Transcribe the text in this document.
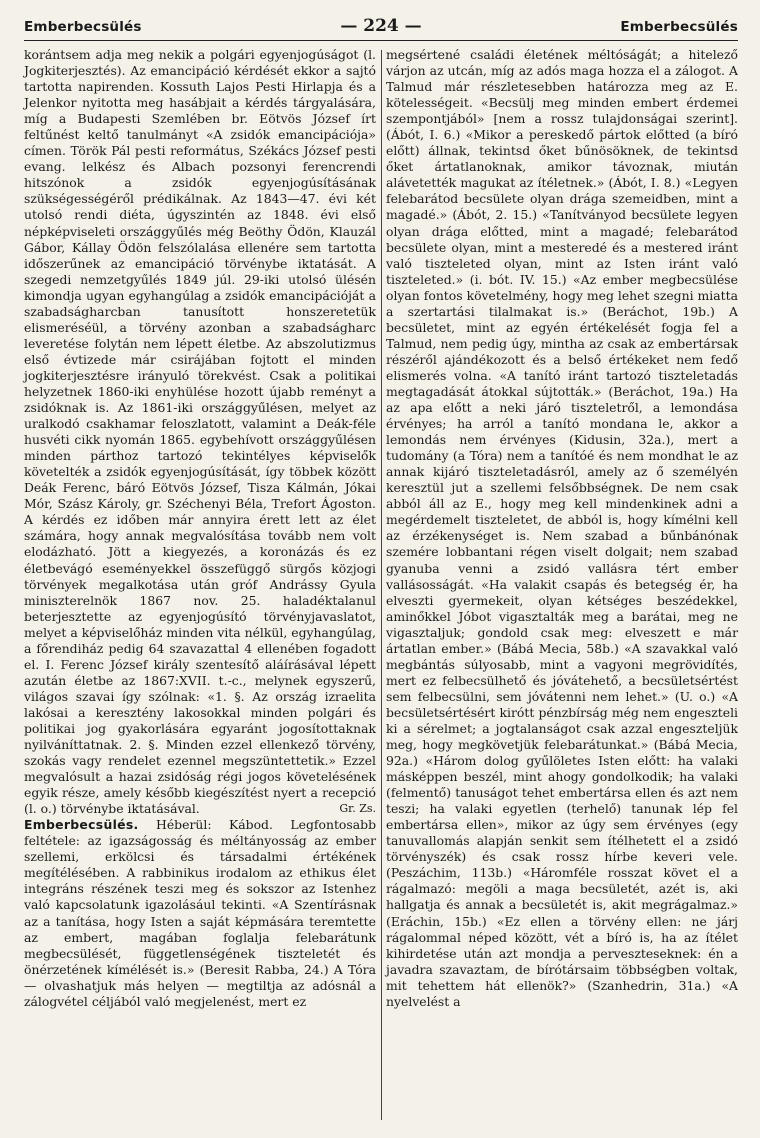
Emberbecsülés	— 224 —	Emberbecsülés

korántsem adja meg nekik a polgári egyenjogúságot (l. Jogkiterjesztés). Az emancipáció kérdését ekkor a sajtó tartotta napirenden. Kossuth Lajos Pesti Hirlapja és a Jelenkor nyitotta meg hasábjait a kérdés tárgyalására, míg a Budapesti Szemlében br. Eötvös József írt feltűnést keltő tanulmányt «A zsidók emancipációja» címen. Török Pál pesti református, Székács József pesti evang. lelkész és Albach pozsonyi ferencrendi hitszónok a zsidók egyenjogúsításának szükségességéről prédikálnak. Az 1843—47. évi két utolsó rendi diéta, úgyszintén az 1848. évi első népképviseleti országgyűlés még Beöthy Ödön, Klauzál Gábor, Kállay Ödön felszólalása ellenére sem tartotta időszerűnek az emancipáció törvénybe iktatását. A szegedi nemzetgyűlés 1849 júl. 29-iki utolsó ülésén kimondja ugyan egyhangúlag a zsidók emancipációját a szabadságharcban tanusított honszeretetük elismeréséül, a törvény azonban a szabadságharc leveretése folytán nem lépett életbe. Az abszolutizmus első évtizede már csirájában fojtott el minden jogkiterjesztésre irányuló törekvést. Csak a politikai helyzetnek 1860-iki enyhülése hozott újabb reményt a zsidóknak is. Az 1861-iki országgyűlésen, melyet az uralkodó csakhamar feloszlatott, valamint a Deák-féle husvéti cikk nyomán 1865. egybehívott országgyűlésen minden párthoz tartozó tekintélyes képviselők követelték a zsidók egyenjogúsítását, így többek között Deák Ferenc, báró Eötvös József, Tisza Kálmán, Jókai Mór, Szász Károly, gr. Széchenyi Béla, Trefort Ágoston. A kérdés ez időben már annyira érett lett az élet számára, hogy annak megvalósítása tovább nem volt elodázható. Jött a kiegyezés, a koronázás és ez életbevágó eseményekkel összefüggő sürgős közjogi törvények megalkotása után gróf Andrássy Gyula miniszterelnök 1867 nov. 25. haladéktalanul beterjesztette az egyenjogúsító törvényjavaslatot, melyet a képviselőház minden vita nélkül, egyhangúlag, a főrendiház pedig 64 szavazattal 4 ellenében fogadott el. I. Ferenc József király szentesítő aláírásával lépett azután életbe az 1867:XVII. t.-c., melynek egyszerű, világos szavai így szólnak: «1. §. Az ország izraelita lakósai a keresztény lakosokkal minden polgári és politikai jog gyakorlására egyaránt jogosítottaknak nyilváníttatnak. 2. §. Minden ezzel ellenkező törvény, szokás vagy rendelet ezennel megszüntettetik.» Ezzel megvalósult a hazai zsidóság régi jogos követelésének egyik része, amely később kiegészítést nyert a recepció (l. o.) törvénybe iktatásával.	Gr. Zs.

Emberbecsülés. Héberül: Kábod. Legfontosabb feltétele: az igazságosság és méltányosság az ember szellemi, erkölcsi és társadalmi értékének megítélésében. A rabbinikus irodalom az ethikus élet integráns részének teszi meg és sokszor az Istenhez való kapcsolatunk igazolásául tekinti. «A Szentírásnak az a tanítása, hogy Isten a saját képmására teremtette az embert, magában foglalja felebarátunk megbecsülését, függetlenségének tiszteletét és önérzetének kímélését is.» (Beresit Rabba, 24.) A Tóra — olvashatjuk más helyen — megtiltja az adósnál a zálogvétel céljából való megjelenést, mert ez

megsértené családi életének méltóságát; a hitelező várjon az utcán, míg az adós maga hozza el a zálogot. A Talmud már részletesebben határozza meg az E. kötelességeit. «Becsülj meg minden embert érdemei szempontjából» [nem a rossz tulajdonságai szerint]. (Ábót, I. 6.) «Mikor a pereskedő pártok előtted (a bíró előtt) állnak, tekintsd őket bűnösöknek, de tekintsd őket ártatlanoknak, amikor távoznak, miután alávetették magukat az ítéletnek.» (Ábót, I. 8.) «Legyen felebarátod becsülete olyan drága szemeidben, mint a magadé.» (Ábót, 2. 15.) «Tanítványod becsülete legyen olyan drága előtted, mint a magadé; felebarátod becsülete olyan, mint a mesteredé és a mestered iránt való tiszteleted olyan, mint az Isten iránt való tiszteleted.» (i. bót. IV. 15.) «Az ember megbecsülése olyan fontos követelmény, hogy meg lehet szegni miatta a szertartási tilalmakat is.» (Beráchot, 19b.) A becsületet, mint az egyén értékelését fogja fel a Talmud, nem pedig úgy, mintha az csak az embertársak részéről ajándékozott és a belső értékeket nem fedő elismerés volna. «A tanító iránt tartozó tiszteletadás megtagadását átokkal sújtották.» (Beráchot, 19a.) Ha az apa előtt a neki járó tiszteletről, a lemondása érvényes; ha arról a tanító mondana le, akkor a lemondás nem érvényes (Kidusin, 32a.), mert a tudomány (a Tóra) nem a tanítóé és nem mondhat le az annak kijáró tiszteletadásról, amely az ő személyén keresztül jut a szellemi felsőbbségnek. De nem csak abból áll az E., hogy meg kell mindenkinek adni a megérdemelt tiszteletet, de abból is, hogy kímélni kell az érzékenységet is. Nem szabad a bűnbánónak szemére lobbantani régen viselt dolgait; nem szabad gyanuba venni a zsidó vallásra tért ember vallásosságát. «Ha valakit csapás és betegség ér, ha elveszti gyermekeit, olyan kétséges beszédekkel, aminőkkel Jóbot vigasztalták meg a barátai, meg ne vigasztaljuk; gondold csak meg: elveszett e már ártatlan ember.» (Bábá Mecia, 58b.) «A szavakkal való megbántás súlyosabb, mint a vagyoni megrövidítés, mert ez felbecsülhető és jóvátehető, a becsületsértést sem felbecsülni, sem jóvátenni nem lehet.» (U. o.) «A becsületsértésért kirótt pénzbírság még nem engeszteli ki a sérelmet; a jogtalanságot csak azzal engeszteljük meg, hogy megkövetjük felebarátunkat.» (Bábá Mecia, 92a.) «Három dolog gyűlöletes Isten előtt: ha valaki másképpen beszél, mint ahogy gondolkodik; ha valaki (felmentő) tanuságot tehet embertársa ellen és azt nem teszi; ha valaki egyetlen (terhelő) tanunak lép fel embertársa ellen», mikor az úgy sem érvényes (egy tanuvallomás alapján senkit sem ítélhetett el a zsidó törvényszék) és csak rossz hírbe keveri vele. (Peszáchim, 113b.) «Háromféle rosszat követ el a rágalmazó: megöli a maga becsületét, azét is, aki hallgatja és annak a becsületét is, akit megrágalmaz.» (Eráchin, 15b.) «Ez ellen a törvény ellen: ne járj rágalommal néped között, vét a bíró is, ha az ítélet kihirdetése után azt mondja a perveszteseknek: én a javadra szavaztam, de bírótársaim többségben voltak, mit tehettem hát ellenök?» (Szanhedrin, 31a.) «A nyelvelést a
